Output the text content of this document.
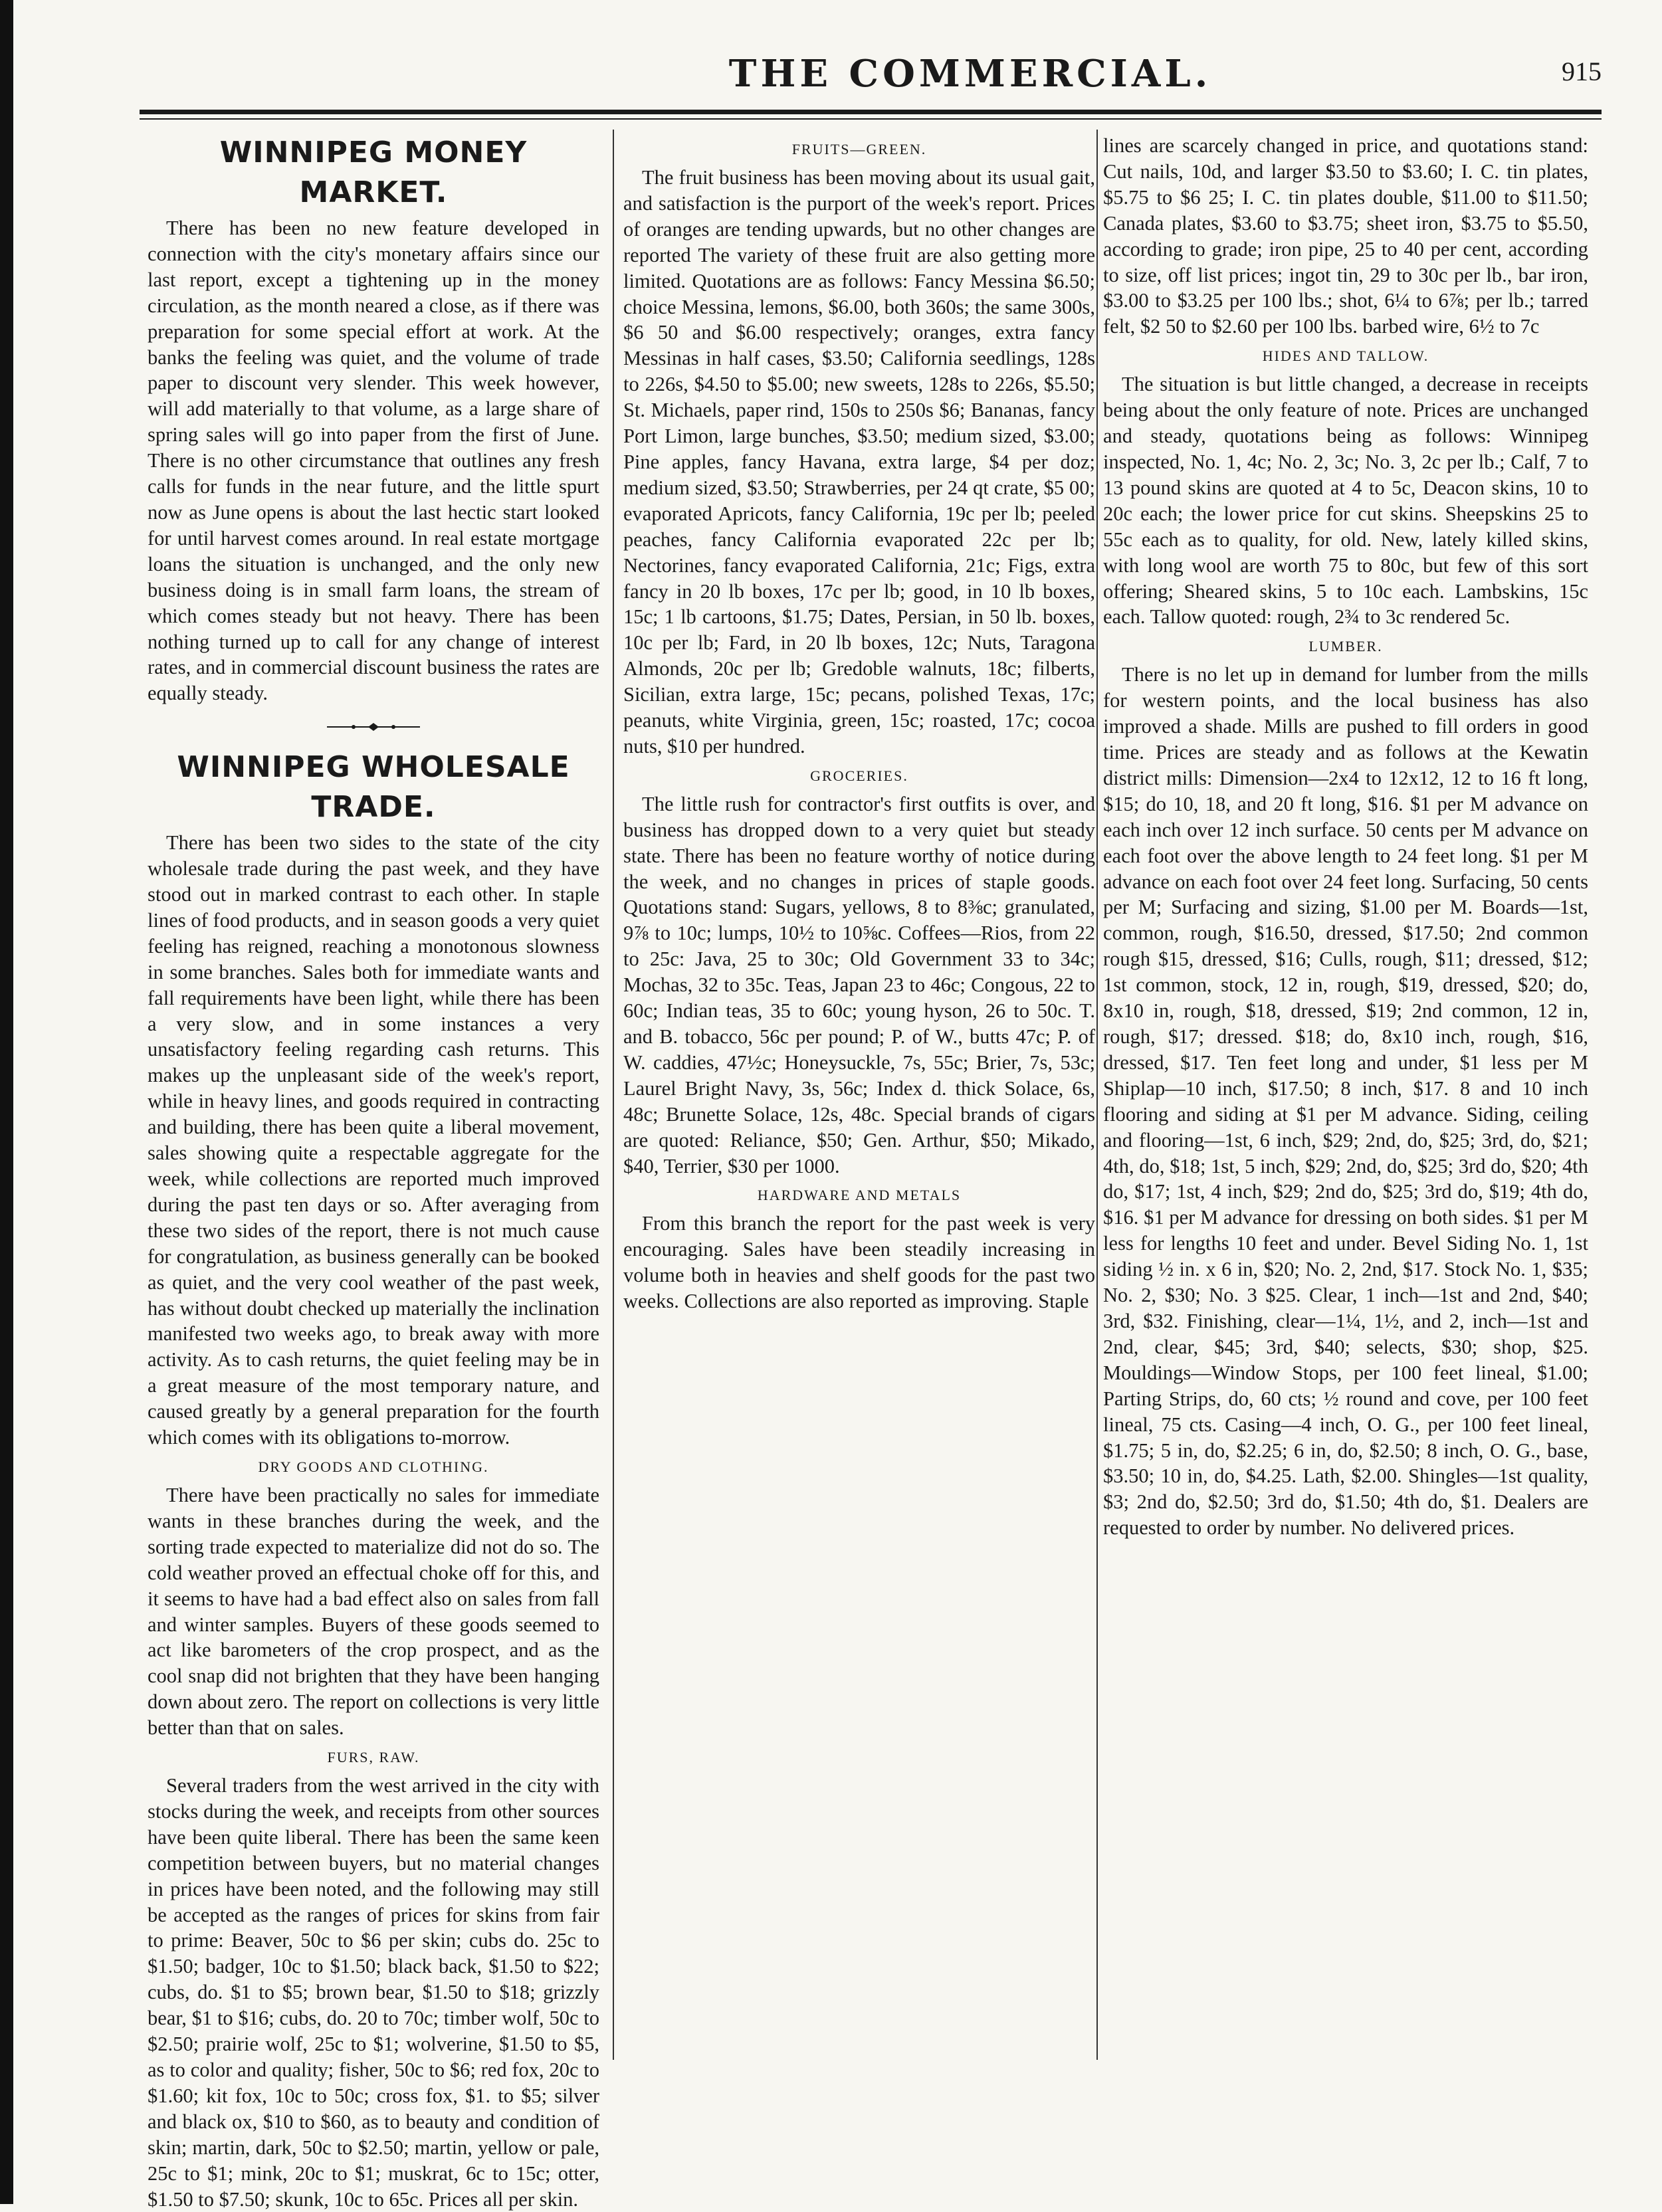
THE COMMERCIAL.	915
WINNIPEG MONEY MARKET.

There has been no new feature developed in connection with the city's monetary affairs since our last report, except a tightening up in the money circulation, as the month neared a close, as if there was preparation for some special effort at work. At the banks the feeling was quiet, and the volume of trade paper to discount very slender. This week however, will add materially to that volume, as a large share of spring sales will go into paper from the first of June. There is no other circumstance that outlines any fresh calls for funds in the near future, and the little spurt now as June opens is about the last hectic start looked for until harvest comes around. In real estate mortgage loans the situation is unchanged, and the only new business doing is in small farm loans, the stream of which comes steady but not heavy. There has been nothing turned up to call for any change of interest rates, and in commercial discount business the rates are equally steady.

WINNIPEG WHOLESALE TRADE.

There has been two sides to the state of the city wholesale trade during the past week, and they have stood out in marked contrast to each other. In staple lines of food products, and in season goods a very quiet feeling has reigned, reaching a monotonous slowness in some branches. Sales both for immediate wants and fall requirements have been light, while there has been a very slow, and in some instances a very unsatisfactory feeling regarding cash returns. This makes up the unpleasant side of the week's report, while in heavy lines, and goods required in contracting and building, there has been quite a liberal movement, sales showing quite a respectable aggregate for the week, while collections are reported much improved during the past ten days or so. After averaging from these two sides of the report, there is not much cause for congratulation, as business generally can be booked as quiet, and the very cool weather of the past week, has without doubt checked up materially the inclination manifested two weeks ago, to break away with more activity. As to cash returns, the quiet feeling may be in a great measure of the most temporary nature, and caused greatly by a general preparation for the fourth which comes with its obligations to-morrow.

DRY GOODS AND CLOTHING.

There have been practically no sales for immediate wants in these branches during the week, and the sorting trade expected to materialize did not do so. The cold weather proved an effectual choke off for this, and it seems to have had a bad effect also on sales from fall and winter samples. Buyers of these goods seemed to act like barometers of the crop prospect, and as the cool snap did not brighten that they have been hanging down about zero. The report on collections is very little better than that on sales.

FURS, RAW.

Several traders from the west arrived in the city with stocks during the week, and receipts from other sources have been quite liberal. There has been the same keen competition between buyers, but no material changes in prices have been noted, and the following may still be accepted as the ranges of prices for skins from fair to prime: Beaver, 50c to $6 per skin; cubs do. 25c to $1.50; badger, 10c to $1.50; black back, $1.50 to $22; cubs, do. $1 to $5; brown bear, $1.50 to $18; grizzly bear, $1 to $16; cubs, do. 20 to 70c; timber wolf, 50c to $2.50; prairie wolf, 25c to $1; wolverine, $1.50 to $5, as to color and quality; fisher, 50c to $6; red fox, 20c to $1.60; kit fox, 10c to 50c; cross fox, $1. to $5; silver and black ox, $10 to $60, as to beauty and condition of skin; martin, dark, 50c to $2.50; martin, yellow or pale, 25c to $1; mink, 20c to $1; muskrat, 6c to 15c; otter, $1.50 to $7.50; skunk, 10c to 65c. Prices all per skin.

FRUITS—GREEN.

The fruit business has been moving about its usual gait, and satisfaction is the purport of the week's report. Prices of oranges are tending upwards, but no other changes are reported The variety of these fruit are also getting more limited. Quotations are as follows: Fancy Messina $6.50; choice Messina, lemons, $6.00, both 360s; the same 300s, $6 50 and $6.00 respectively; oranges, extra fancy Messinas in half cases, $3.50; California seedlings, 128s to 226s, $4.50 to $5.00; new sweets, 128s to 226s, $5.50; St. Michaels, paper rind, 150s to 250s $6; Bananas, fancy Port Limon, large bunches, $3.50; medium sized, $3.00; Pine apples, fancy Havana, extra large, $4 per doz; medium sized, $3.50; Strawberries, per 24 qt crate, $5 00; evaporated Apricots, fancy California, 19c per lb; peeled peaches, fancy California evaporated 22c per lb; Nectorines, fancy evaporated California, 21c; Figs, extra fancy in 20 lb boxes, 17c per lb; good, in 10 lb boxes, 15c; 1 lb cartoons, $1.75; Dates, Persian, in 50 lb. boxes, 10c per lb; Fard, in 20 lb boxes, 12c; Nuts, Taragona Almonds, 20c per lb; Gredoble walnuts, 18c; filberts, Sicilian, extra large, 15c; pecans, polished Texas, 17c; peanuts, white Virginia, green, 15c; roasted, 17c; cocoa nuts, $10 per hundred.

GROCERIES.

The little rush for contractor's first outfits is over, and business has dropped down to a very quiet but steady state. There has been no feature worthy of notice during the week, and no changes in prices of staple goods. Quotations stand: Sugars, yellows, 8 to 8⅜c; granulated, 9⅞ to 10c; lumps, 10½ to 10⅝c. Coffees—Rios, from 22 to 25c: Java, 25 to 30c; Old Government 33 to 34c; Mochas, 32 to 35c. Teas, Japan 23 to 46c; Congous, 22 to 60c; Indian teas, 35 to 60c; young hyson, 26 to 50c. T. and B. tobacco, 56c per pound; P. of W., butts 47c; P. of W. caddies, 47½c; Honeysuckle, 7s, 55c; Brier, 7s, 53c; Laurel Bright Navy, 3s, 56c; Index d. thick Solace, 6s, 48c; Brunette Solace, 12s, 48c. Special brands of cigars are quoted: Reliance, $50; Gen. Arthur, $50; Mikado, $40, Terrier, $30 per 1000.

HARDWARE AND METALS

From this branch the report for the past week is very encouraging. Sales have been steadily increasing in volume both in heavies and shelf goods for the past two weeks. Collections are also reported as improving. Staple

lines are scarcely changed in price, and quotations stand: Cut nails, 10d, and larger $3.50 to $3.60; I. C. tin plates, $5.75 to $6 25; I. C. tin plates double, $11.00 to $11.50; Canada plates, $3.60 to $3.75; sheet iron, $3.75 to $5.50, according to grade; iron pipe, 25 to 40 per cent, according to size, off list prices; ingot tin, 29 to 30c per lb., bar iron, $3.00 to $3.25 per 100 lbs.; shot, 6¼ to 6⅞; per lb.; tarred felt, $2 50 to $2.60 per 100 lbs. barbed wire, 6½ to 7c

HIDES AND TALLOW.

The situation is but little changed, a decrease in receipts being about the only feature of note. Prices are unchanged and steady, quotations being as follows: Winnipeg inspected, No. 1, 4c; No. 2, 3c; No. 3, 2c per lb.; Calf, 7 to 13 pound skins are quoted at 4 to 5c, Deacon skins, 10 to 20c each; the lower price for cut skins. Sheepskins 25 to 55c each as to quality, for old. New, lately killed skins, with long wool are worth 75 to 80c, but few of this sort offering; Sheared skins, 5 to 10c each. Lambskins, 15c each. Tallow quoted: rough, 2¾ to 3c rendered 5c.

LUMBER.

There is no let up in demand for lumber from the mills for western points, and the local business has also improved a shade. Mills are pushed to fill orders in good time. Prices are steady and as follows at the Kewatin district mills: Dimension—2x4 to 12x12, 12 to 16 ft long, $15; do 10, 18, and 20 ft long, $16. $1 per M advance on each inch over 12 inch surface. 50 cents per M advance on each foot over the above length to 24 feet long. $1 per M advance on each foot over 24 feet long. Surfacing, 50 cents per M; Surfacing and sizing, $1.00 per M. Boards—1st, common, rough, $16.50, dressed, $17.50; 2nd common rough $15, dressed, $16; Culls, rough, $11; dressed, $12; 1st common, stock, 12 in, rough, $19, dressed, $20; do, 8x10 in, rough, $18, dressed, $19; 2nd common, 12 in, rough, $17; dressed. $18; do, 8x10 inch, rough, $16, dressed, $17. Ten feet long and under, $1 less per M Shiplap—10 inch, $17.50; 8 inch, $17. 8 and 10 inch flooring and siding at $1 per M advance. Siding, ceiling and flooring—1st, 6 inch, $29; 2nd, do, $25; 3rd, do, $21; 4th, do, $18; 1st, 5 inch, $29; 2nd, do, $25; 3rd do, $20; 4th do, $17; 1st, 4 inch, $29; 2nd do, $25; 3rd do, $19; 4th do, $16. $1 per M advance for dressing on both sides. $1 per M less for lengths 10 feet and under. Bevel Siding No. 1, 1st siding ½ in. x 6 in, $20; No. 2, 2nd, $17. Stock No. 1, $35; No. 2, $30; No. 3 $25. Clear, 1 inch—1st and 2nd, $40; 3rd, $32. Finishing, clear—1¼, 1½, and 2, inch—1st and 2nd, clear, $45; 3rd, $40; selects, $30; shop, $25. Mouldings—Window Stops, per 100 feet lineal, $1.00; Parting Strips, do, 60 cts; ½ round and cove, per 100 feet lineal, 75 cts. Casing—4 inch, O. G., per 100 feet lineal, $1.75; 5 in, do, $2.25; 6 in, do, $2.50; 8 inch, O. G., base, $3.50; 10 in, do, $4.25. Lath, $2.00. Shingles—1st quality, $3; 2nd do, $2.50; 3rd do, $1.50; 4th do, $1. Dealers are requested to order by number. No delivered prices.
